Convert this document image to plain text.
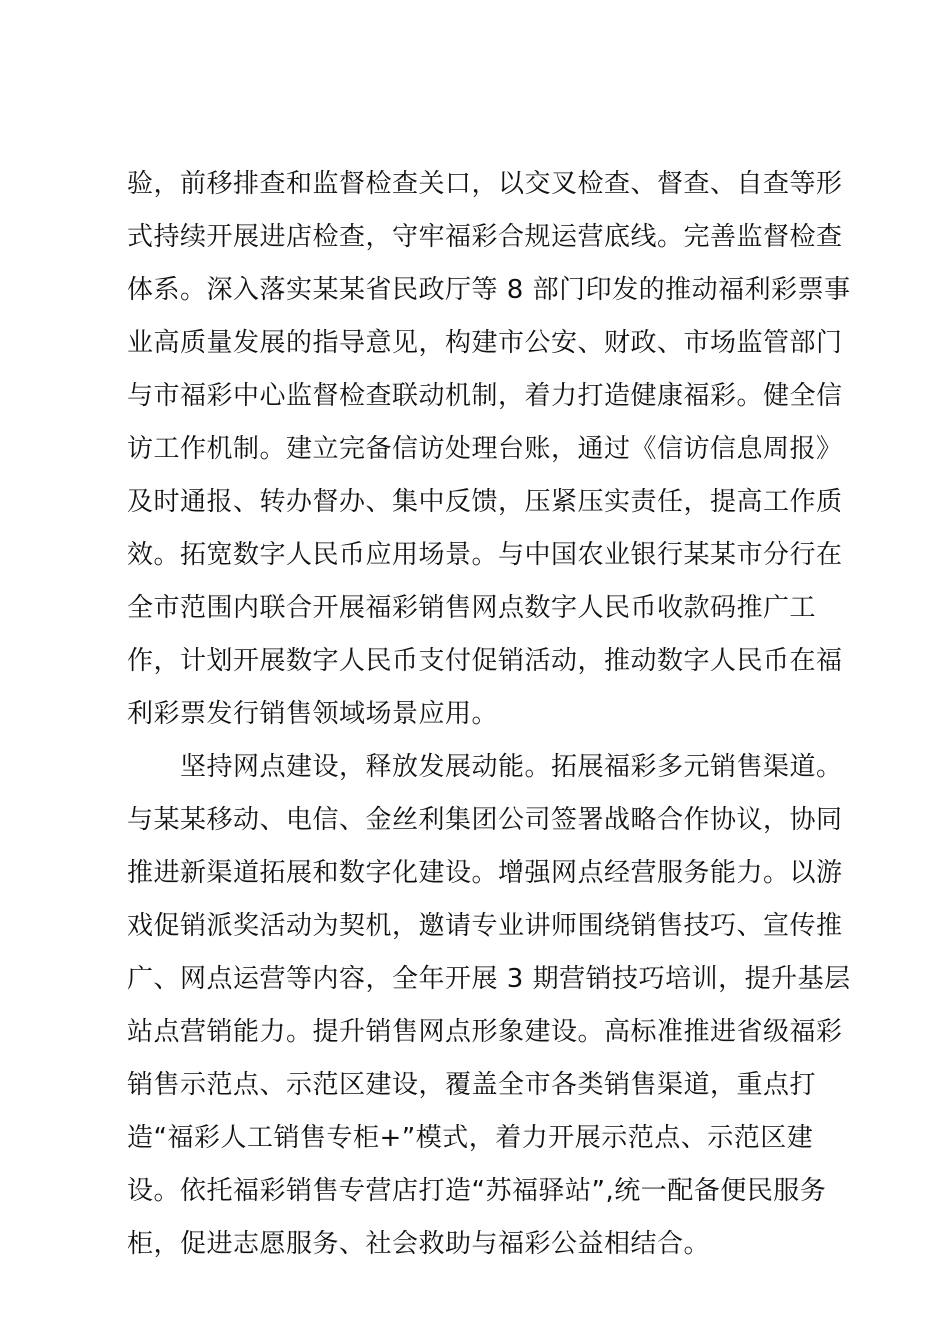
验，前移排查和监督检查关口，以交叉检查、督查、自查等形
式持续开展进店检查，守牢福彩合规运营底线。完善监督检查
体系。深入落实某某省民政厅等 8 部门印发的推动福利彩票事
业高质量发展的指导意见，构建市公安、财政、市场监管部门
与市福彩中心监督检查联动机制，着力打造健康福彩。健全信
访工作机制。建立完备信访处理台账，通过《信访信息周报》
及时通报、转办督办、集中反馈，压紧压实责任，提高工作质
效。拓宽数字人民币应用场景。与中国农业银行某某市分行在
全市范围内联合开展福彩销售网点数字人民币收款码推广工
作，计划开展数字人民币支付促销活动，推动数字人民币在福
利彩票发行销售领域场景应用。
　　坚持网点建设，释放发展动能。拓展福彩多元销售渠道。
与某某移动、电信、金丝利集团公司签署战略合作协议，协同
推进新渠道拓展和数字化建设。增强网点经营服务能力。以游
戏促销派奖活动为契机，邀请专业讲师围绕销售技巧、宣传推
广、网点运营等内容，全年开展 3 期营销技巧培训，提升基层
站点营销能力。提升销售网点形象建设。高标准推进省级福彩
销售示范点、示范区建设，覆盖全市各类销售渠道，重点打
造“福彩人工销售专柜+”模式，着力开展示范点、示范区建
设。依托福彩销售专营店打造“苏福驿站”,统一配备便民服务
柜，促进志愿服务、社会救助与福彩公益相结合。
